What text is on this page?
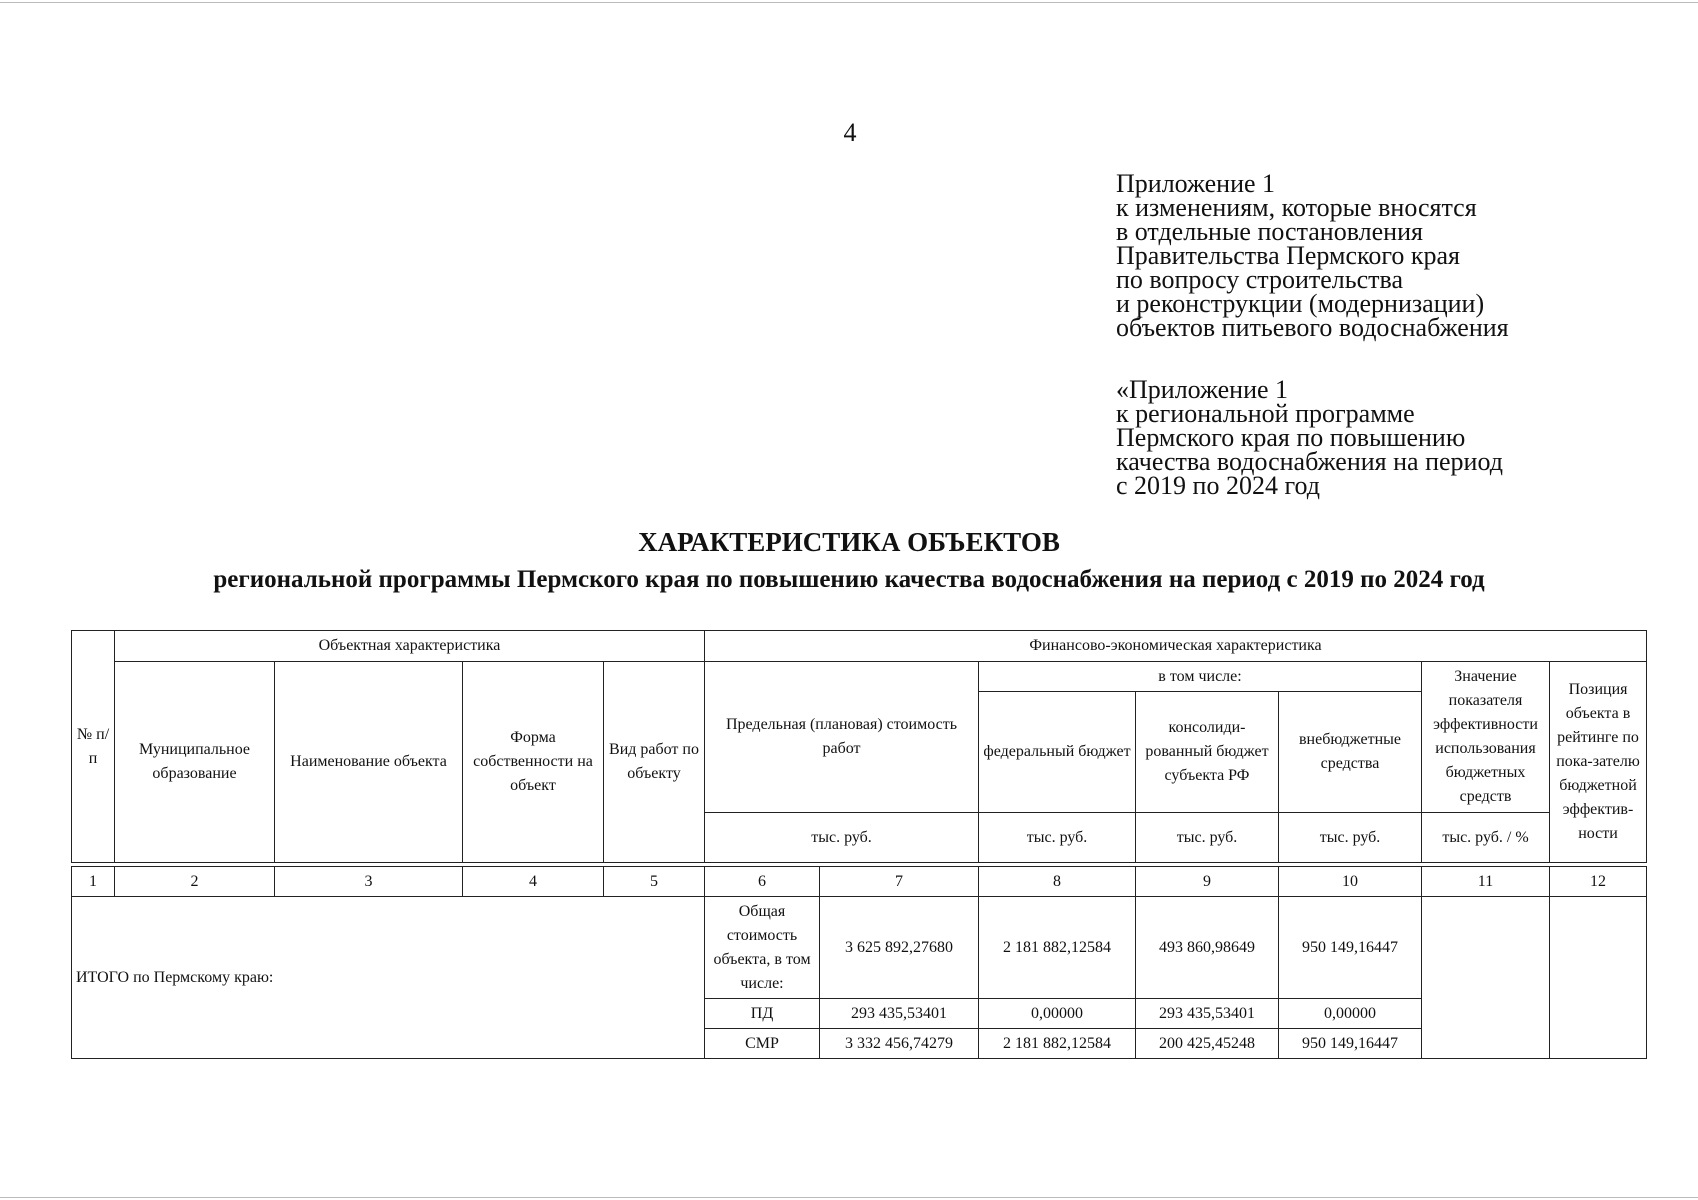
4
Приложение 1
к изменениям, которые вносятся
в отдельные постановления
Правительства Пермского края
по вопросу строительства
и реконструкции (модернизации)
объектов питьевого водоснабжения
«Приложение 1
к региональной программе
Пермского края по повышению
качества водоснабжения на период
с 2019 по 2024 год
ХАРАКТЕРИСТИКА ОБЪЕКТОВ
региональной программы Пермского края по повышению качества водоснабжения на период с 2019 по 2024 год
№ п/п	Объектная характеристика				Финансово-экономическая характеристика						
	Муниципальное образование	Наименование объекта	Форма собственности на объект	Вид работ по объекту	Предельная (плановая) стоимость работ		в том числе:			Значение показателя эффективности использования бюджетных средств	Позиция объекта в рейтинге по пока-зателю бюджетной эффектив-ности
							федеральный бюджет	консолиди-рованный бюджет субъекта РФ	внебюджетные средства		
					тыс. руб.		тыс. руб.	тыс. руб.	тыс. руб.	тыс. руб. / %	

1	2	3	4	5	6	7	8	9	10	11	12
ИТОГО по Пермскому краю:					Общая стоимость объекта, в том числе:	3 625 892,27680	2 181 882,12584	493 860,98649	950 149,16447		
					ПД	293 435,53401	0,00000	293 435,53401	0,00000		
					СМР	3 332 456,74279	2 181 882,12584	200 425,45248	950 149,16447		
